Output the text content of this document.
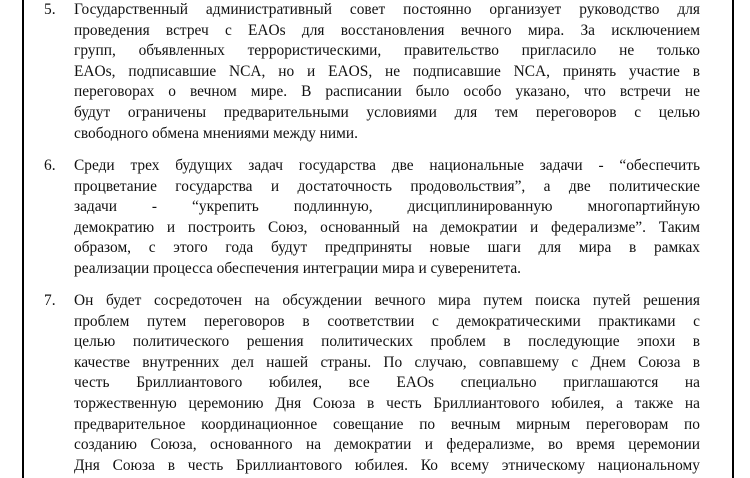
5.	Государственный административный совет постоянно организует руководство для
проведения встреч с EAOs для восстановления вечного мира. За исключением
групп, объявленных террористическими, правительство пригласило не только
EAOs, подписавшие NCA, но и EAOS, не подписавшие NCA, принять участие в
переговорах о вечном мире. В расписании было особо указано, что встречи не
будут ограничены предварительными условиями для тем переговоров с целью
свободного обмена мнениями между ними.
6.	Среди трех будущих задач государства две национальные задачи - “обеспечить
процветание государства и достаточность продовольствия”, а две политические
задачи - “укрепить подлинную, дисциплинированную многопартийную
демократию и построить Союз, основанный на демократии и федерализме”. Таким
образом, с этого года будут предприняты новые шаги для мира в рамках
реализации процесса обеспечения интеграции мира и суверенитета.
7.	Он будет сосредоточен на обсуждении вечного мира путем поиска путей решения
проблем путем переговоров в соответствии с демократическими практиками с
целью политического решения политических проблем в последующие эпохи в
качестве внутренних дел нашей страны. По случаю, совпавшему с Днем Союза в
честь Бриллиантового юбилея, все EAOs специально приглашаются на
торжественную церемонию Дня Союза в честь Бриллиантового юбилея, а также на
предварительное координационное совещание по вечным мирным переговорам по
созданию Союза, основанного на демократии и федерализме, во время церемонии
Дня Союза в честь Бриллиантового юбилея. Ко всему этническому национальному
